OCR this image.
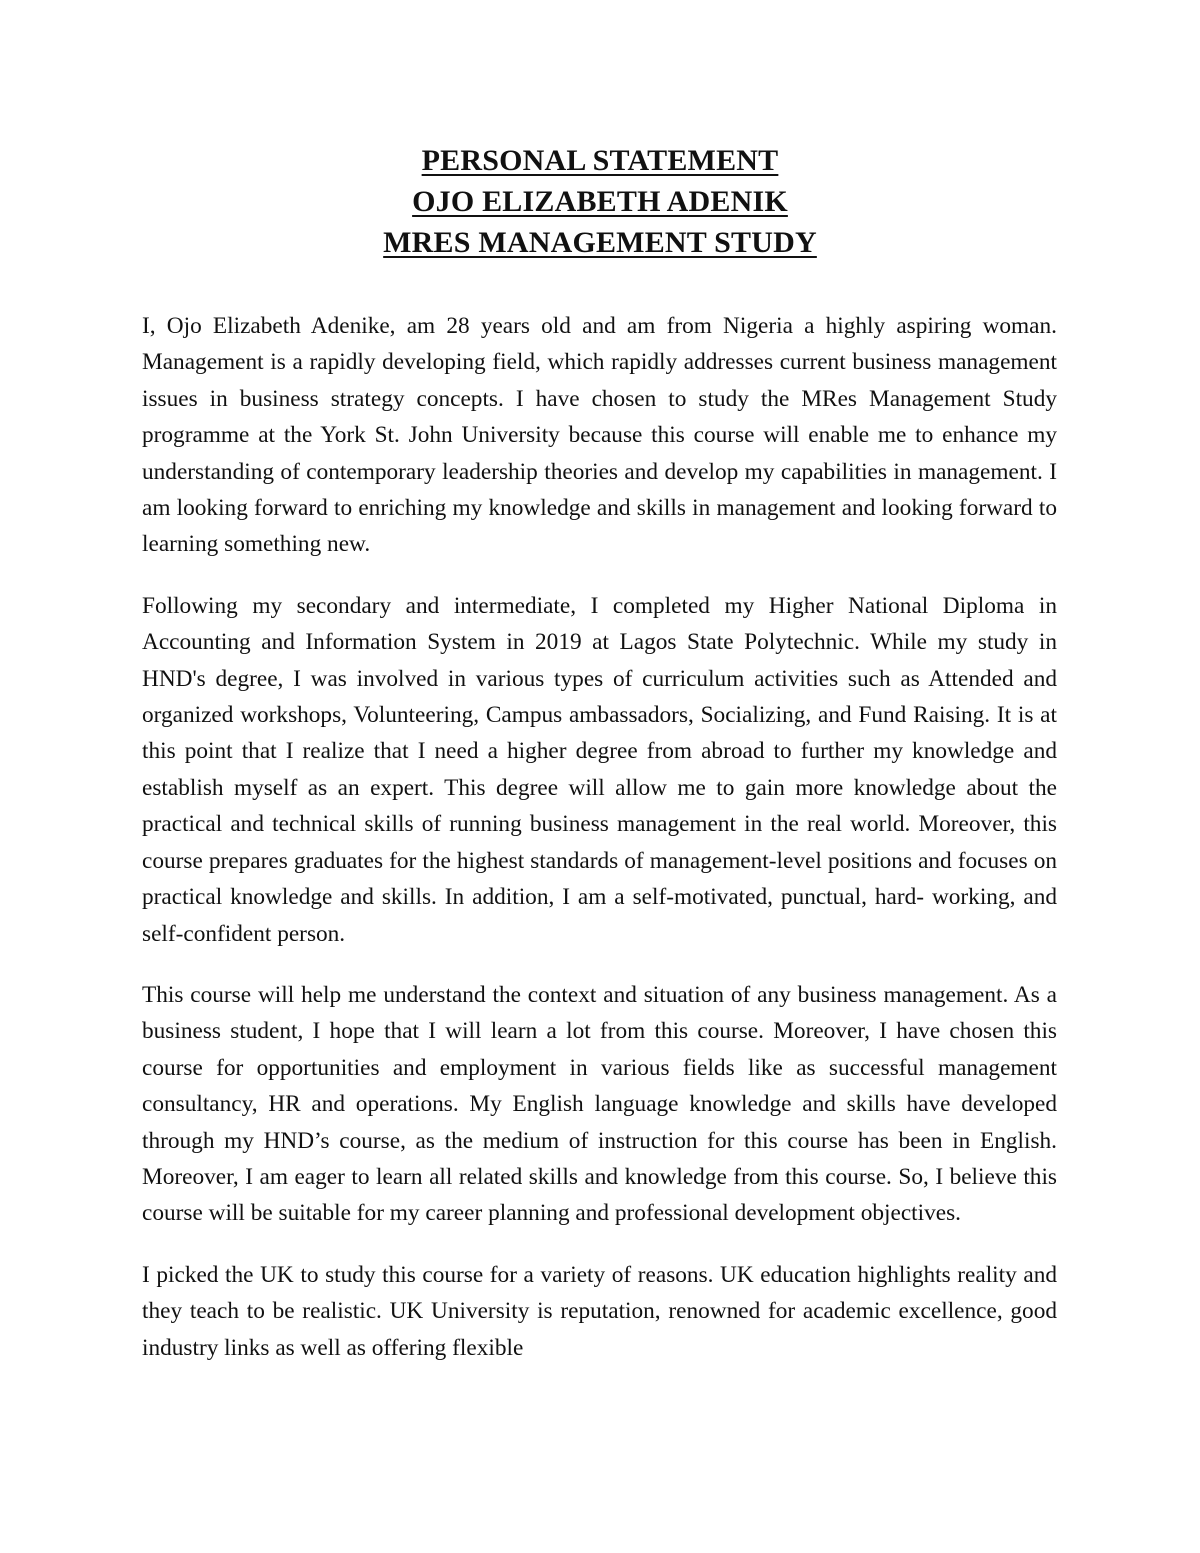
PERSONAL STATEMENT
OJO ELIZABETH ADENIK
MRES MANAGEMENT STUDY

I, Ojo Elizabeth Adenike, am 28 years old and am from Nigeria a highly aspiring woman. Management is a rapidly developing field, which rapidly addresses current business management issues in business strategy concepts. I have chosen to study the MRes Management Study programme at the York St. John University because this course will enable me to enhance my understanding of contemporary leadership theories and develop my capabilities in management. I am looking forward to enriching my knowledge and skills in management and looking forward to learning something new.

Following my secondary and intermediate, I completed my Higher National Diploma in Accounting and Information System in 2019 at Lagos State Polytechnic. While my study in HND's degree, I was involved in various types of curriculum activities such as Attended and organized workshops, Volunteering, Campus ambassadors, Socializing, and Fund Raising. It is at this point that I realize that I need a higher degree from abroad to further my knowledge and establish myself as an expert. This degree will allow me to gain more knowledge about the practical and technical skills of running business management in the real world. Moreover, this course prepares graduates for the highest standards of management-level positions and focuses on practical knowledge and skills. In addition, I am a self-motivated, punctual, hard- working, and self-confident person.

This course will help me understand the context and situation of any business management. As a business student, I hope that I will learn a lot from this course. Moreover, I have chosen this course for opportunities and employment in various fields like as successful management consultancy, HR and operations. My English language knowledge and skills have developed through my HND’s course, as the medium of instruction for this course has been in English. Moreover, I am eager to learn all related skills and knowledge from this course. So, I believe this course will be suitable for my career planning and professional development objectives.

I picked the UK to study this course for a variety of reasons. UK education highlights reality and they teach to be realistic. UK University is reputation, renowned for academic excellence, good industry links as well as offering flexible
